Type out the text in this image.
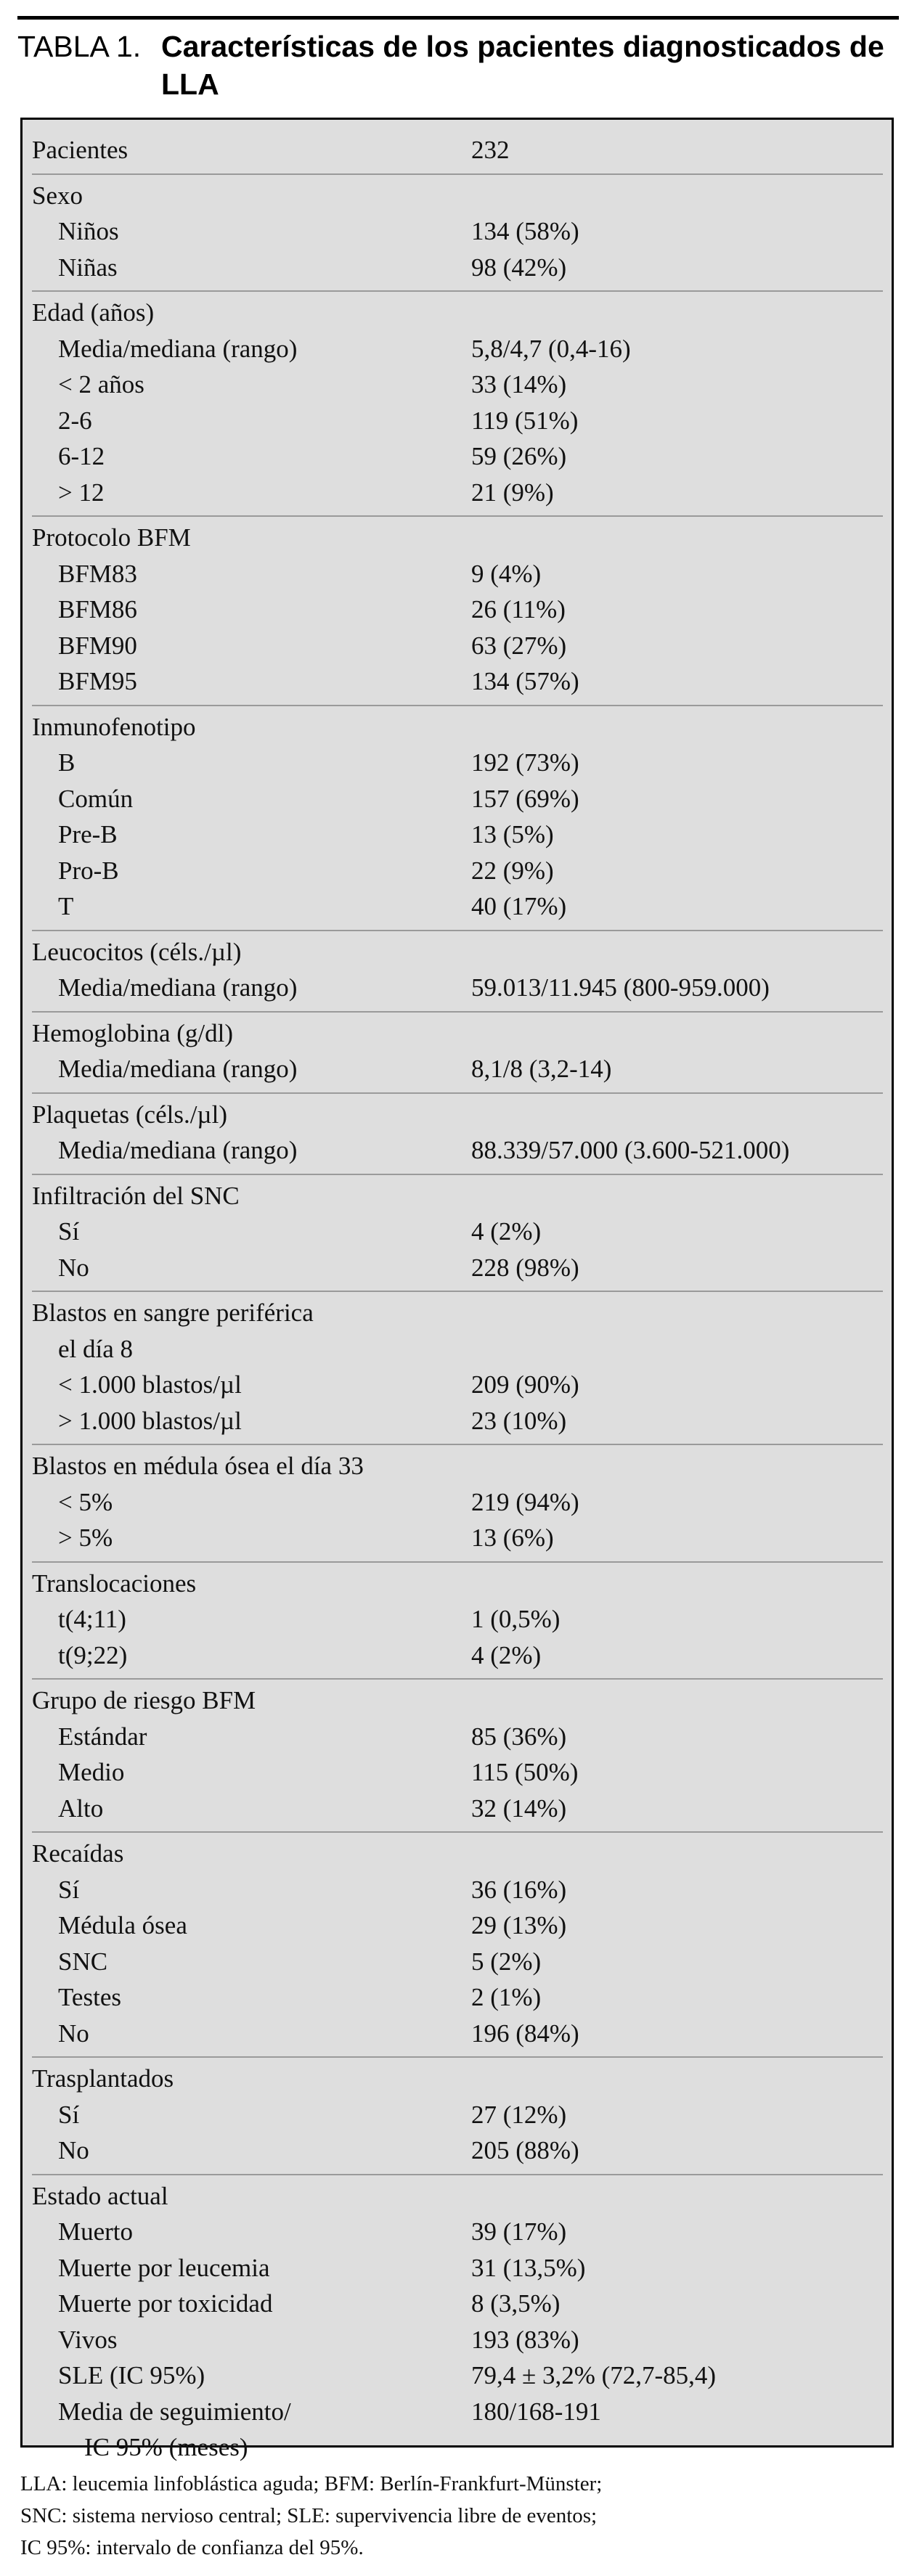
TABLA 1. Características de los pacientes diagnosticados de LLA
Pacientes	232
Sexo
Niños	134 (58%)
Niñas	98 (42%)
Edad (años)
Media/mediana (rango)	5,8/4,7 (0,4-16)
< 2 años	33 (14%)
2-6	119 (51%)
6-12	59 (26%)
> 12	21 (9%)
Protocolo BFM
BFM83	9 (4%)
BFM86	26 (11%)
BFM90	63 (27%)
BFM95	134 (57%)
Inmunofenotipo
B	192 (73%)
Común	157 (69%)
Pre-B	13 (5%)
Pro-B	22 (9%)
T	40 (17%)
Leucocitos (céls./µl)
Media/mediana (rango)	59.013/11.945 (800-959.000)
Hemoglobina (g/dl)
Media/mediana (rango)	8,1/8 (3,2-14)
Plaquetas (céls./µl)
Media/mediana (rango)	88.339/57.000 (3.600-521.000)
Infiltración del SNC
Sí	4 (2%)
No	228 (98%)
Blastos en sangre periférica
el día 8
< 1.000 blastos/µl	209 (90%)
> 1.000 blastos/µl	23 (10%)
Blastos en médula ósea el día 33
< 5%	219 (94%)
> 5%	13 (6%)
Translocaciones
t(4;11)	1 (0,5%)
t(9;22)	4 (2%)
Grupo de riesgo BFM
Estándar	85 (36%)
Medio	115 (50%)
Alto	32 (14%)
Recaídas
Sí	36 (16%)
Médula ósea	29 (13%)
SNC	5 (2%)
Testes	2 (1%)
No	196 (84%)
Trasplantados
Sí	27 (12%)
No	205 (88%)
Estado actual
Muerto	39 (17%)
Muerte por leucemia	31 (13,5%)
Muerte por toxicidad	8 (3,5%)
Vivos	193 (83%)
SLE (IC 95%)	79,4 ± 3,2% (72,7-85,4)
Media de seguimiento/	180/168-191
IC 95% (meses)
LLA: leucemia linfoblástica aguda; BFM: Berlín-Frankfurt-Münster;
SNC: sistema nervioso central; SLE: supervivencia libre de eventos;
IC 95%: intervalo de confianza del 95%.
